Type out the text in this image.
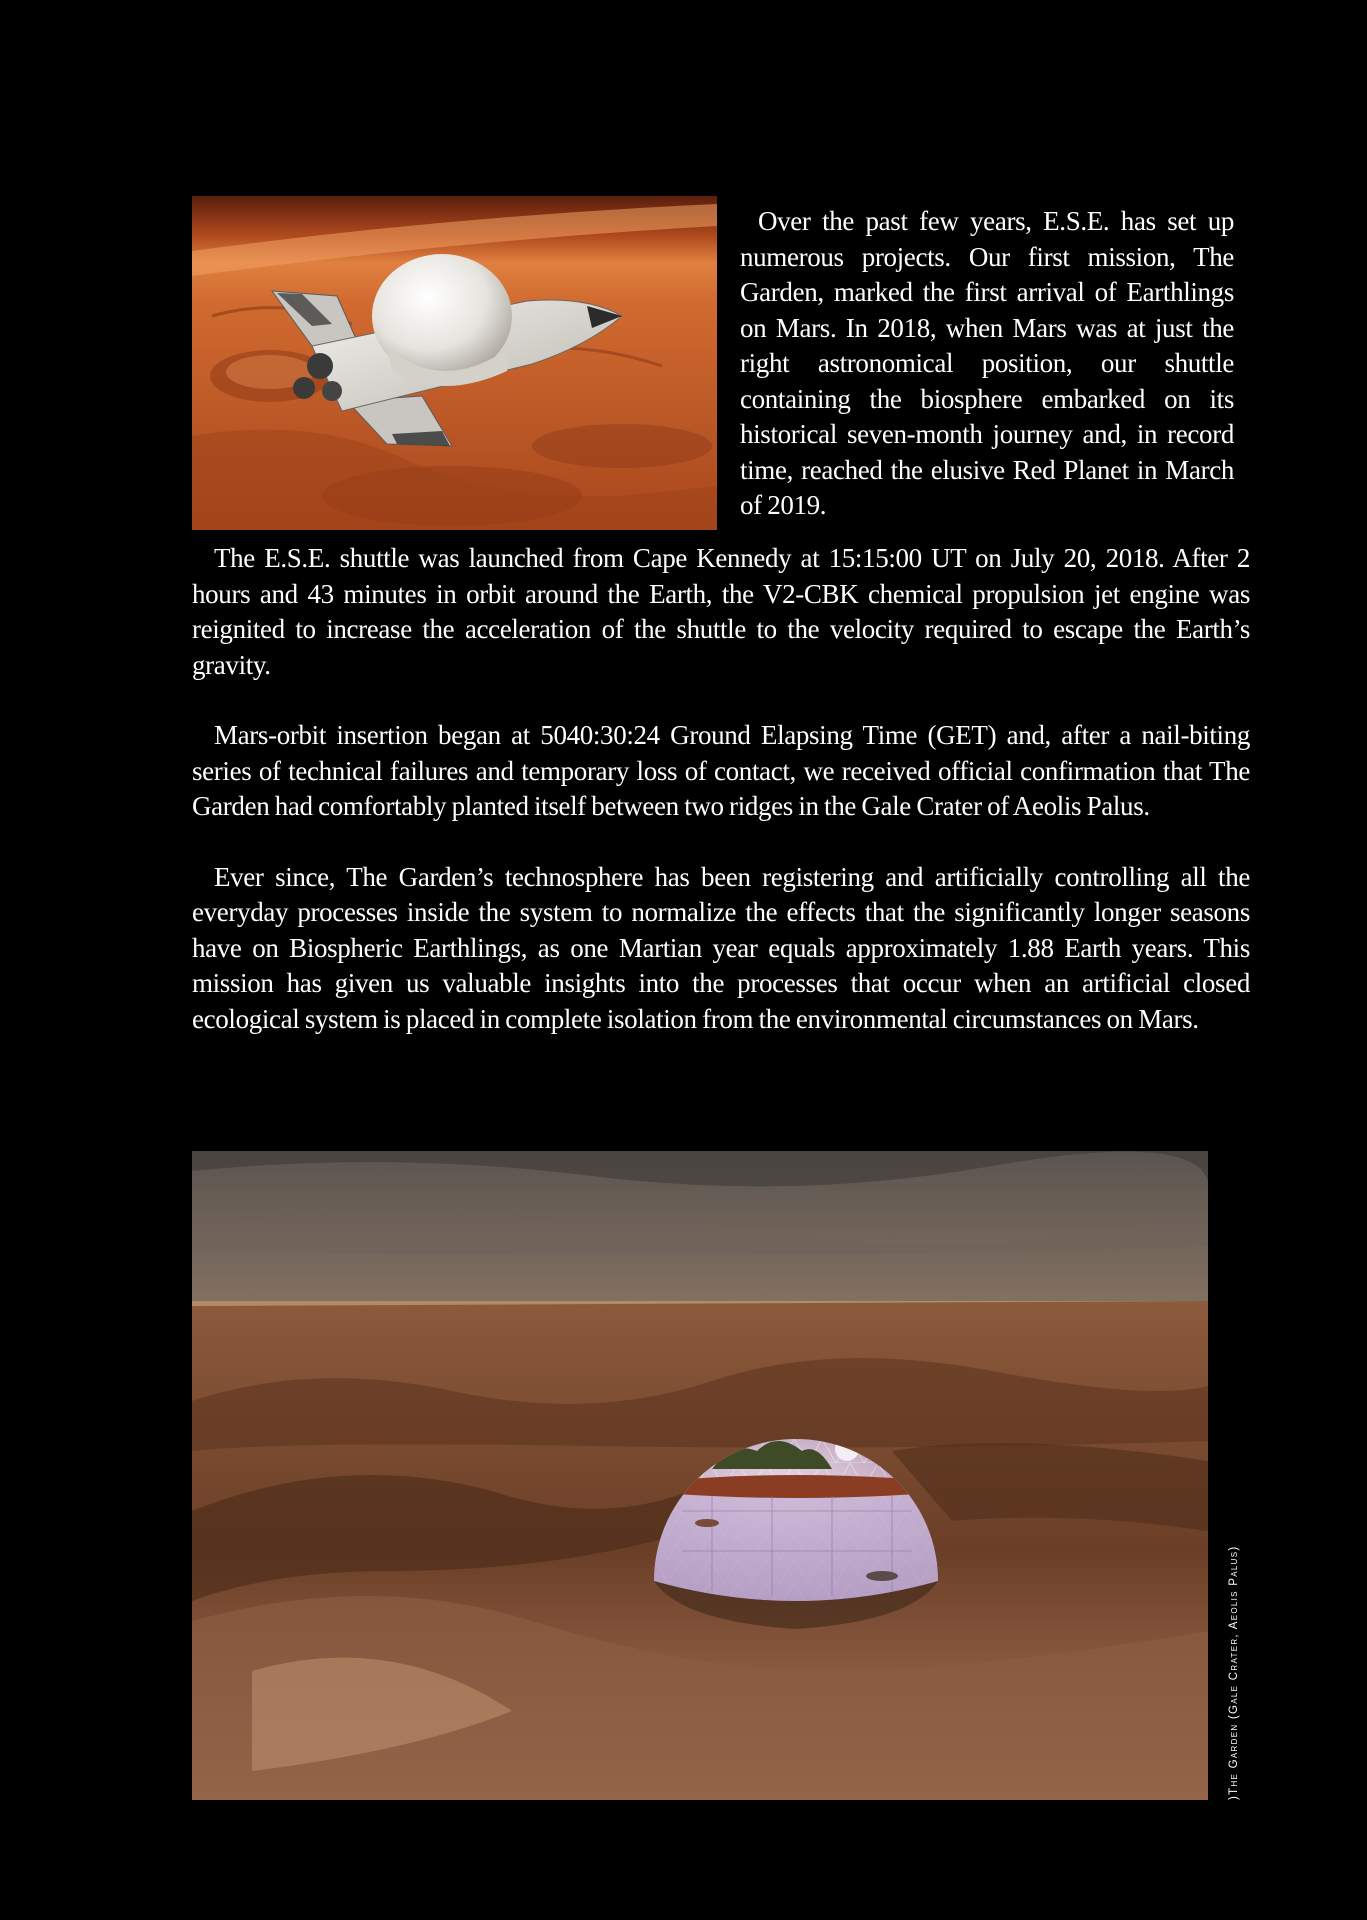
Over the past few years, E.S.E. has set up numerous projects. Our first mission, The Garden, marked the first arrival of Earthlings on Mars. In 2018, when Mars was at just the right astronomical position, our shuttle containing the biosphere embarked on its historical seven-month journey and, in record time, reached the elusive Red Planet in March of 2019.

The E.S.E. shuttle was launched from Cape Kennedy at 15:15:00 UT on July 20, 2018. After 2 hours and 43 minutes in orbit around the Earth, the V2-CBK chemical propulsion jet engine was reignited to increase the acceleration of the shuttle to the velocity required to escape the Earth’s gravity.

Mars-orbit insertion began at 5040:30:24 Ground Elapsing Time (GET) and, after a nail-biting series of technical failures and temporary loss of contact, we received official confirmation that The Garden had comfortably planted itself between two ridges in the Gale Crater of Aeolis Palus.

Ever since, The Garden’s technosphere has been registering and artificially controlling all the everyday processes inside the system to normalize the effects that the significantly longer seasons have on Biospheric Earthlings, as one Martian year equals approximately 1.88 Earth years. This mission has given us valuable insights into the processes that occur when an artificial closed ecological system is placed in complete isolation from the environmental circumstances on Mars.

)The Garden (Gale Crater, Aeolis Palus)
